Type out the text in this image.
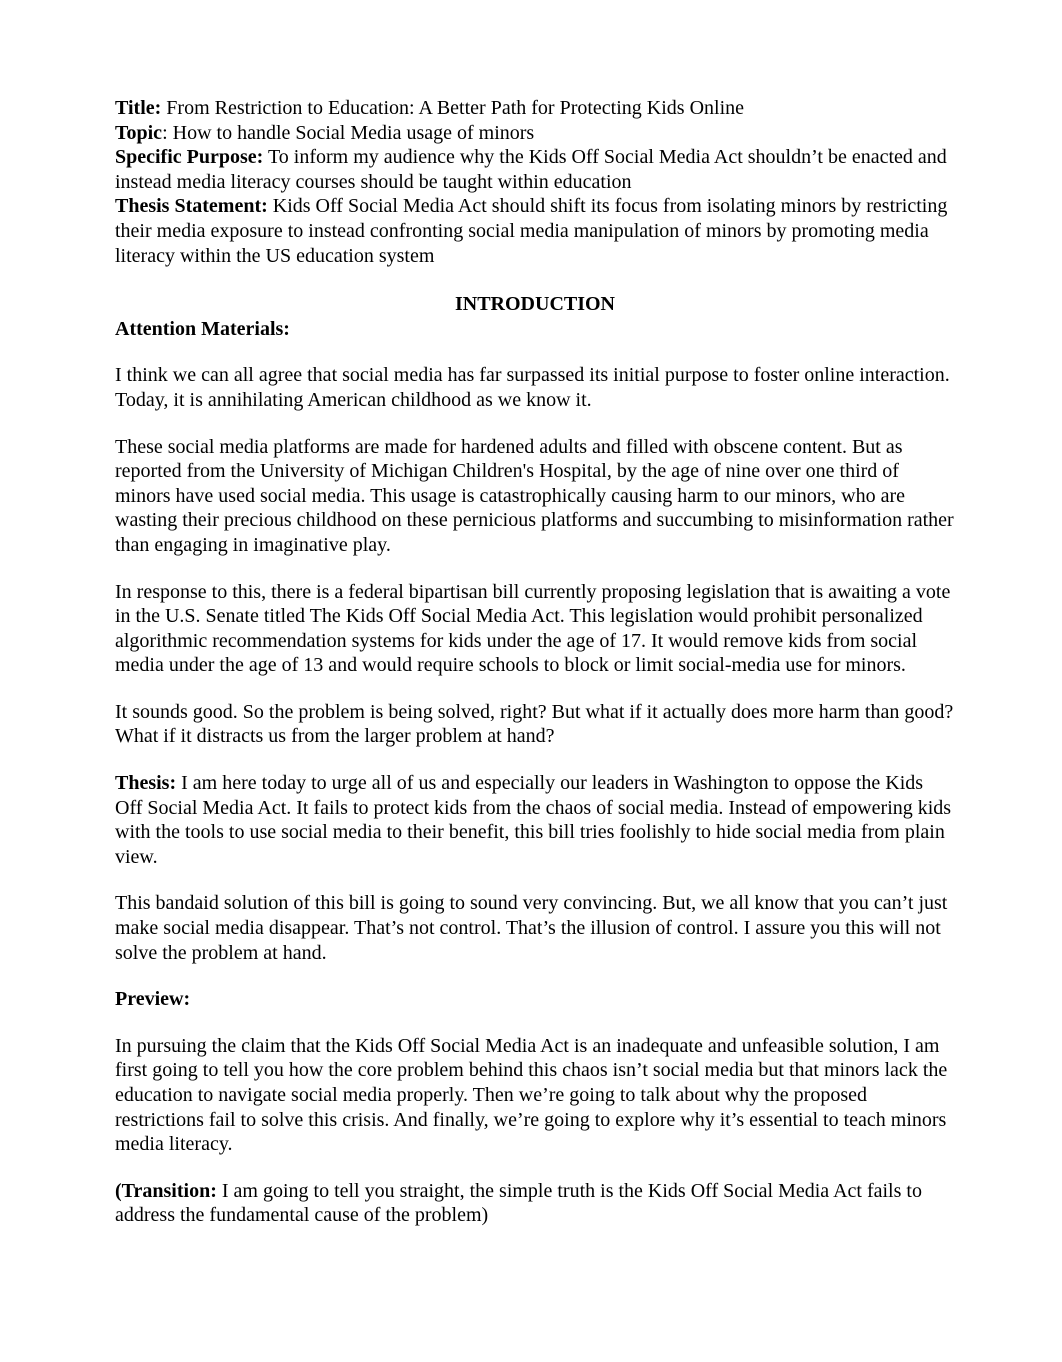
Title: From Restriction to Education: A Better Path for Protecting Kids Online

Topic: How to handle Social Media usage of minors

Specific Purpose: To inform my audience why the Kids Off Social Media Act shouldn’t be enacted and instead media literacy courses should be taught within education

Thesis Statement: Kids Off Social Media Act should shift its focus from isolating minors by restricting their media exposure to instead confronting social media manipulation of minors by promoting media literacy within the US education system

INTRODUCTION

Attention Materials:

I think we can all agree that social media has far surpassed its initial purpose to foster online interaction. Today, it is annihilating American childhood as we know it.

These social media platforms are made for hardened adults and filled with obscene content. But as reported from the University of Michigan Children's Hospital, by the age of nine over one third of minors have used social media. This usage is catastrophically causing harm to our minors, who are wasting their precious childhood on these pernicious platforms and succumbing to misinformation rather than engaging in imaginative play.

In response to this, there is a federal bipartisan bill currently proposing legislation that is awaiting a vote in the U.S. Senate titled The Kids Off Social Media Act. This legislation would prohibit personalized algorithmic recommendation systems for kids under the age of 17. It would remove kids from social media under the age of 13 and would require schools to block or limit social-media use for minors.

It sounds good. So the problem is being solved, right? But what if it actually does more harm than good? What if it distracts us from the larger problem at hand?

Thesis: I am here today to urge all of us and especially our leaders in Washington to oppose the Kids Off Social Media Act. It fails to protect kids from the chaos of social media. Instead of empowering kids with the tools to use social media to their benefit, this bill tries foolishly to hide social media from plain view.

This bandaid solution of this bill is going to sound very convincing. But, we all know that you can’t just make social media disappear. That’s not control. That’s the illusion of control. I assure you this will not solve the problem at hand.

Preview:

In pursuing the claim that the Kids Off Social Media Act is an inadequate and unfeasible solution, I am first going to tell you how the core problem behind this chaos isn’t social media but that minors lack the education to navigate social media properly. Then we’re going to talk about why the proposed restrictions fail to solve this crisis. And finally, we’re going to explore why it’s essential to teach minors media literacy.

(Transition: I am going to tell you straight, the simple truth is the Kids Off Social Media Act fails to address the fundamental cause of the problem)
